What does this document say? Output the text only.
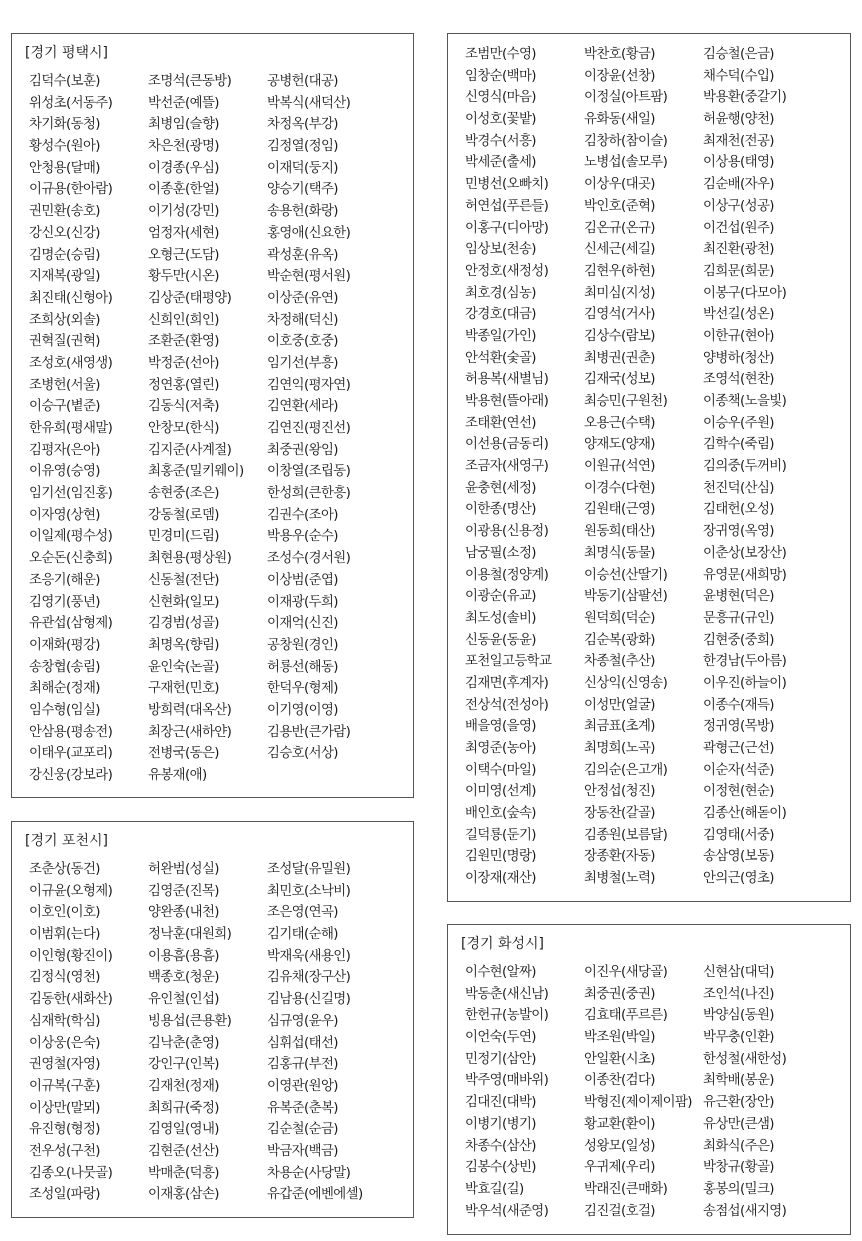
[경기 평택시]
김덕수(보훈)	조명석(큰동방)	공병헌(대공)
위성초(서동주)	박선준(예뜰)	박복식(새덕산)
차기화(동청)	최병임(슬향)	차정옥(부강)
황성수(원아)	차은천(광명)	김정열(정임)
안청용(달매)	이경종(우심)	이재덕(둥지)
이규용(한아람)	이종훈(한얼)	양승기(택주)
권민환(송호)	이기성(강민)	송용헌(화랑)
강신오(신강)	엄정자(세현)	홍영애(신요한)
김명순(승림)	오형근(도담)	곽성훈(유옥)
지재복(광일)	황두만(시온)	박순현(평서원)
최진태(신형아)	김상준(태평양)	이상준(유연)
조희상(외솔)	신희인(희인)	차정해(덕신)
권혁질(권혁)	조환준(환영)	이호중(호중)
조성호(새영생)	박정준(선아)	임기선(부흥)
조병헌(서울)	정연홍(열린)	김연익(평자연)
이승구(볕준)	김동식(저축)	김연환(세라)
한유희(평새말)	안창모(한식)	김연진(평진선)
김평자(은아)	김지준(사계절)	최중권(왕임)
이유영(승영)	최홍준(밀키웨이)	이창열(조립동)
임기선(임진홍)	송현중(조은)	한성희(큰한흥)
이자영(상현)	강동철(로뎀)	김권수(조아)
이일제(평수성)	민경미(드림)	박용우(순수)
오순돈(신충희)	최현용(평상원)	조성수(경서원)
조응기(해운)	신동철(전단)	이상범(준엽)
김영기(풍년)	신현화(일모)	이재광(두희)
유관섭(삼형제)	김경범(성골)	이재억(신진)
이재화(평강)	최명옥(향림)	공창원(경인)
송창협(송림)	윤인숙(논골)	허룡선(해동)
최해순(정재)	구재헌(민호)	한덕우(형제)
임수형(임실)	방희력(대옥산)	이기영(이영)
안삼용(평송전)	최장근(새하얀)	김용반(큰가람)
이태우(교포리)	전병국(동은)	김승호(서상)
강신웅(강보라)	유봉재(애)
[경기 포천시]
조춘상(동건)	허완범(성실)	조성달(유밀원)
이규윤(오형제)	김영준(진목)	최민호(소낙비)
이호인(이호)	양완종(내천)	조은영(연곡)
이범휘(는다)	정낙훈(대원희)	김기태(순해)
이인형(황진이)	이용흠(용흠)	박재욱(새용인)
김정식(영천)	백종호(청운)	김유채(장구산)
김동한(새화산)	유인철(인섭)	김남용(신길명)
심재학(학심)	빙용섭(큰용환)	심규영(윤우)
이상웅(은숙)	김낙춘(춘영)	심휘섭(태선)
권영철(자영)	강인구(인복)	김홍규(부전)
이규복(구훈)	김재천(정재)	이영관(원앙)
이상만(말뫼)	최희규(죽정)	유복준(춘복)
유진형(형정)	김영일(영내)	김순철(순금)
전우성(구천)	김현준(선산)	박금자(백금)
김종오(나뭇골)	박매춘(덕흥)	차용순(사당말)
조성일(파랑)	이재홍(삼손)	유갑준(에벤에셀)
조범만(수영)	박찬호(황금)	김승철(은금)
임창순(백마)	이장윤(선창)	채수덕(수입)
신영식(마음)	이정실(아트팜)	박용환(중갈기)
이성호(꽃밭)	유화동(새일)	허윤행(양천)
박경수(서흥)	김창하(참이슬)	최재천(전공)
박세준(출세)	노병섭(솔모루)	이상용(태영)
민병선(오빠치)	이상우(대곳)	김순배(자우)
허연섭(푸른들)	박인호(준혁)	이상구(성공)
이홍구(디아망)	김온규(온규)	이건섭(원주)
임상보(천송)	신세근(세길)	최진환(광천)
안정호(새정성)	김현우(하현)	김희문(희문)
최호경(심농)	최미심(지성)	이봉구(다모아)
강경호(대금)	김영석(거사)	박선길(성온)
박종일(가인)	김상수(람보)	이한규(현아)
안석환(숯골)	최병권(권춘)	양병하(청산)
허용복(새별님)	김재국(성보)	조영석(현찬)
박용현(뜰아래)	최승민(구원천)	이종책(노을빛)
조태환(연선)	오용근(수택)	이승우(주원)
이선용(금동리)	양재도(양재)	김학수(죽림)
조금자(새영구)	이원규(석연)	김의중(두꺼비)
윤충현(세정)	이경수(다현)	천진덕(산심)
이한종(명산)	김원태(근영)	김태헌(오성)
이광용(신용정)	원동희(태산)	장귀영(옥영)
남궁필(소정)	최명식(동물)	이춘상(보장산)
이용철(정양계)	이승선(산딸기)	유영문(새희망)
이광순(유교)	박동기(삼팔선)	윤병현(덕은)
최도성(솔비)	원덕희(덕순)	문흥규(규인)
신동윤(동윤)	김순복(광화)	김현중(중희)
포천일고등학교	차종철(추산)	한경남(두아름)
김재면(후계자)	신상익(신영송)	이우진(하늘이)
전상석(전성아)	이성만(얼굴)	이종수(재득)
배을영(을영)	최금표(초계)	정귀영(목방)
최영준(농아)	최명희(노곡)	곽형근(근선)
이택수(마일)	김의순(은고개)	이순자(석준)
이미영(선계)	안정섭(청진)	이정현(현순)
배인호(숲속)	장동찬(갈골)	김종산(해돋이)
길덕룡(둔기)	김종원(보름달)	김영태(서중)
김원민(명랑)	장종환(자동)	송삼영(보동)
이장재(재산)	최병철(노력)	안의근(영초)
[경기 화성시]
이수현(알짜)	이진우(새당골)	신현삼(대덕)
박동춘(새신남)	최중권(중권)	조인석(나진)
한헌규(농발이)	김효태(푸르른)	박양심(동원)
이언숙(두연)	박조원(박일)	박무충(인환)
민정기(삼안)	안일환(시초)	한성철(새한성)
박주영(매바위)	이종찬(검다)	최학배(봉운)
김대진(대박)	박형진(제이제이팜) 유근환(장안)
이병기(병기)	황교환(환이)	유상만(큰샘)
차종수(삼산)	성왕모(일성)	최화식(주은)
김봉수(상빈)	우귀제(우리)	박창규(황골)
박효길(길)	박래진(큰매화)	홍봉의(밀크)
박우석(새준영)	김진걸(호걸)	송점섭(새지영)
